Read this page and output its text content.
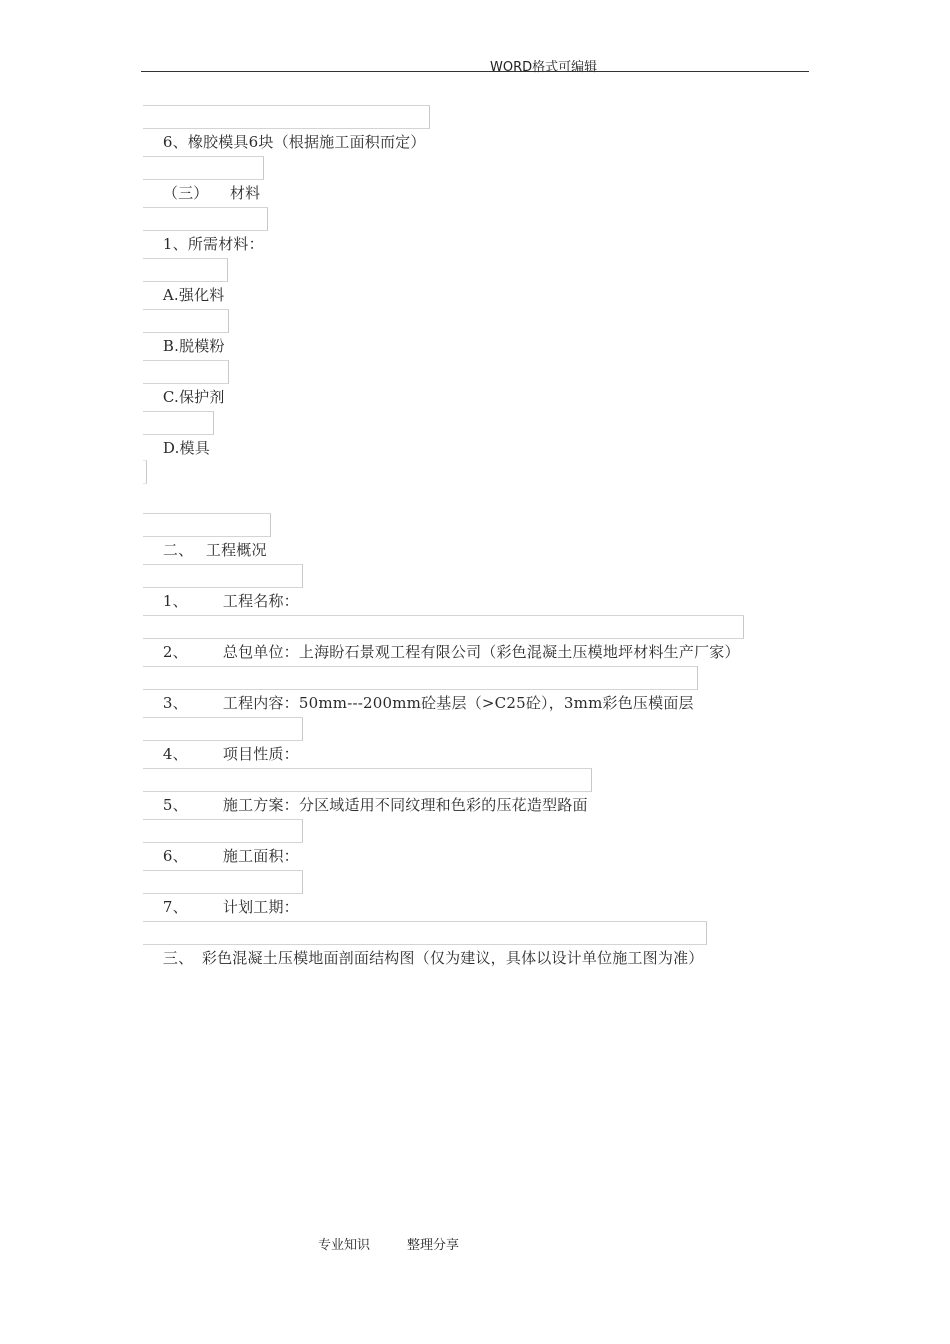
WORD格式可编辑

6、橡胶模具6块（根据施工面积而定）

（三） 材料

1、所需材料：

A.强化料

B.脱模粉

C.保护剂

D.模具

二、 工程概况

1、 工程名称：

2、 总包单位：上海盼石景观工程有限公司（彩色混凝土压模地坪材料生产厂家）

3、 工程内容：50mm---200mm砼基层（>C25砼），3mm彩色压模面层

4、 项目性质：

5、 施工方案：分区域适用不同纹理和色彩的压花造型路面

6、 施工面积：

7、 计划工期：

三、 彩色混凝土压模地面剖面结构图（仅为建议，具体以设计单位施工图为准）

专业知识	整理分享
